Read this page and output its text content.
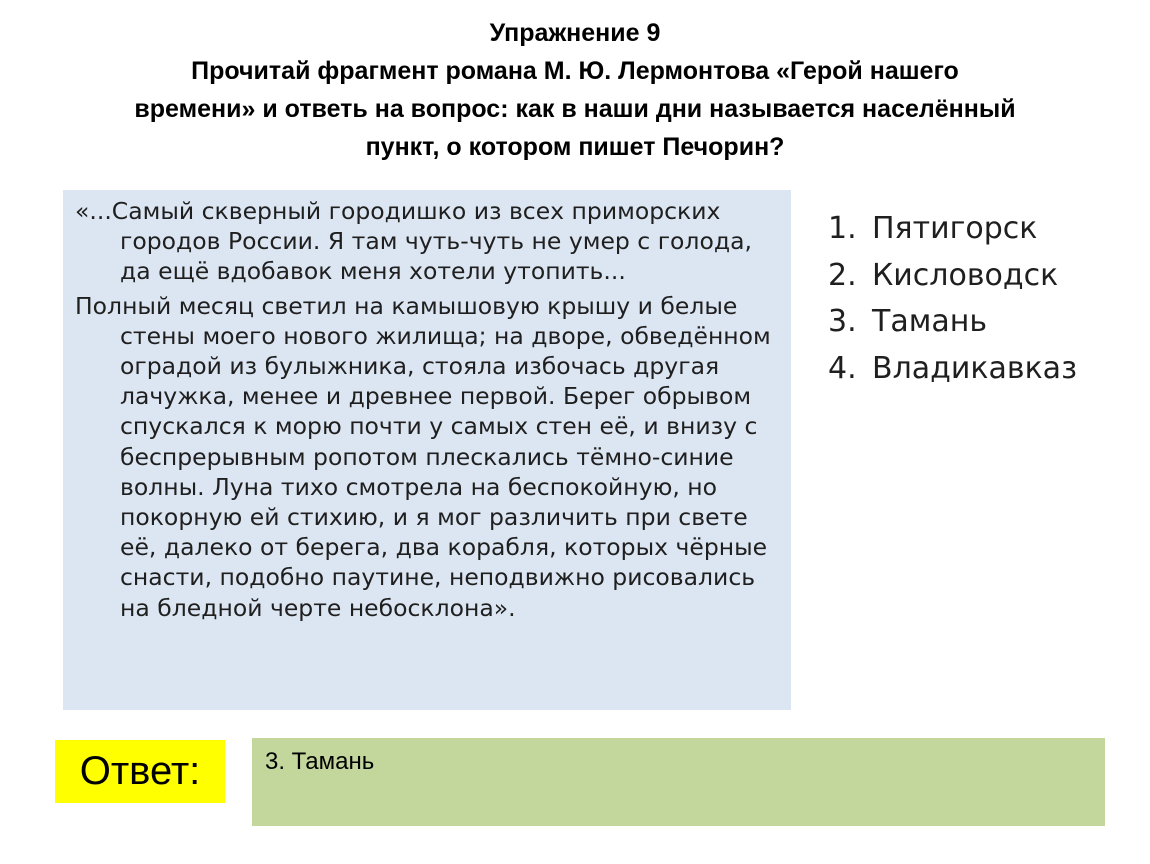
Упражнение 9
Прочитай фрагмент романа М. Ю. Лермонтова «Герой нашего
времени» и ответь на вопрос: как в наши дни называется населённый
пункт, о котором пишет Печорин?

«...Самый скверный городишко из всех приморских городов России. Я там чуть-чуть не умер с голода, да ещё вдобавок меня хотели утопить...

Полный месяц светил на камышовую крышу и белые стены моего нового жилища; на дворе, обведённом оградой из булыжника, стояла избочась другая лачужка, менее и древнее первой. Берег обрывом спускался к морю почти у самых стен её, и внизу с беспрерывным ропотом плескались тёмно-синие волны. Луна тихо смотрела на беспокойную, но покорную ей стихию, и я мог различить при свете её, далеко от берега, два корабля, которых чёрные снасти, подобно паутине, неподвижно рисовались на бледной черте небосклона».

1. Пятигорск
2. Кисловодск
3. Тамань
4. Владикавказ
Ответ:	3. Тамань
